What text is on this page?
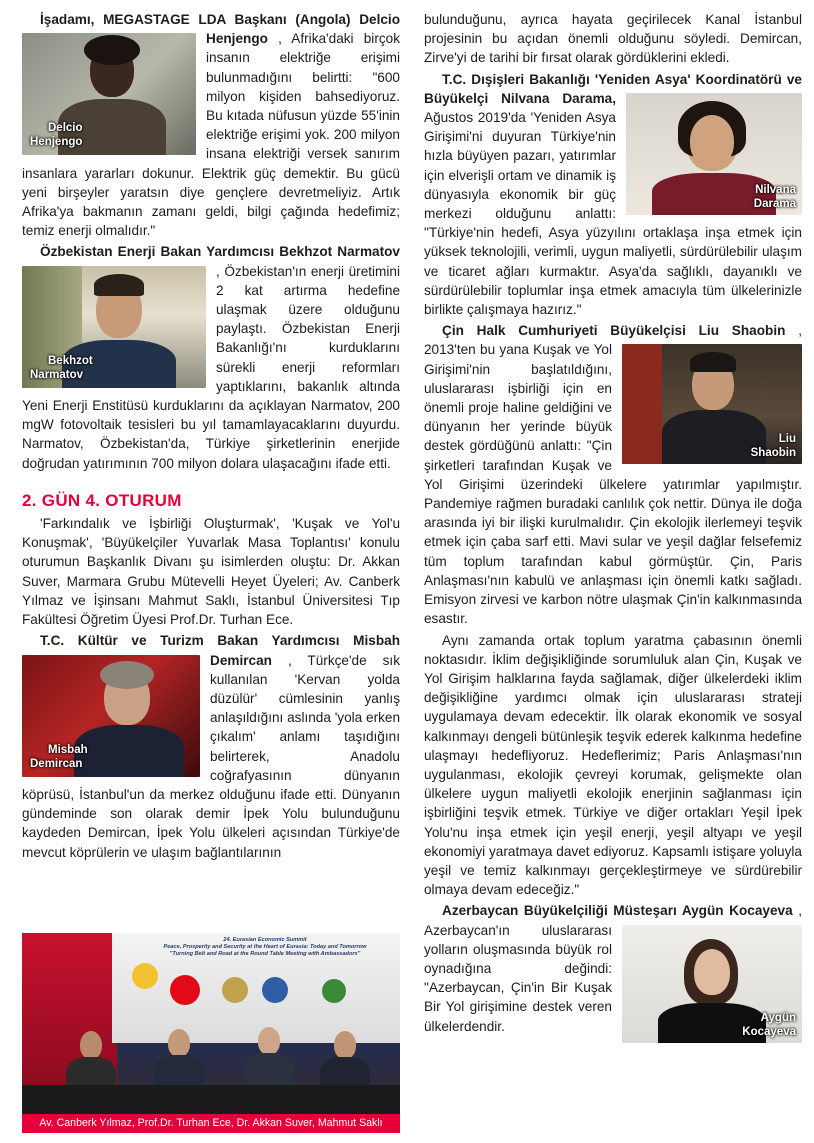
İşadamı, MEGASTAGE LDA Başkanı (Angola) Delcio Henjengo
Delcio
Henjengo
, Afrika'daki birçok insanın elektriğe erişimi bulunmadığını belirtti: "600 milyon kişiden bahsediyoruz. Bu kıtada nüfusun yüzde 55'inin elektriğe erişimi yok. 200 milyon insana elektriği versek sanırım insanlara yararları dokunur. Elektrik güç demektir. Bu gücü yeni birşeyler yaratsın diye gençlere devretmeliyiz. Artık Afrika'ya bakmanın zamanı geldi, bilgi çağında hedefimiz; temiz enerji olmalıdır."

Özbekistan Enerji Bakan Yardımcısı Bekhzot Narmatov
Bekhzot
Narmatov
, Özbekistan'ın enerji üretimini 2 kat artırma hedefine ulaşmak üzere olduğunu paylaştı. Özbekistan Enerji Bakanlığı'nı kurduklarını sürekli enerji reformları yaptıklarını, bakanlık altında Yeni Enerji Enstitüsü kurduklarını da açıklayan Narmatov, 200 mgW fotovoltaik tesisleri bu yıl tamamlayacaklarını duyurdu. Narmatov, Özbekistan'da, Türkiye şirketlerinin enerjide doğrudan yatırımının 700 milyon dolara ulaşacağını ifade etti.

2. GÜN 4. OTURUM

'Farkındalık ve İşbirliği Oluşturmak', 'Kuşak ve Yol'u Konuşmak', 'Büyükelçiler Yuvarlak Masa Toplantısı' konulu oturumun Başkanlık Divanı şu isimlerden oluştu: Dr. Akkan Suver, Marmara Grubu Mütevelli Heyet Üyeleri; Av. Canberk Yılmaz ve İşinsanı Mahmut Saklı, İstanbul Üniversitesi Tıp Fakültesi Öğretim Üyesi Prof.Dr. Turhan Ece.

T.C. Kültür ve Turizm Bakan Yardımcısı Misbah Demircan
Misbah
Demircan
, Türkçe'de sık kullanılan 'Kervan yolda düzülür' cümlesinin yanlış anlaşıldığını aslında 'yola erken çıkalım' anlamı taşıdığını belirterek, Anadolu coğrafyasının dünyanın köprüsü, İstanbul'un da merkez olduğunu ifade etti. Dünyanın gündeminde son olarak demir İpek Yolu bulunduğunu kaydeden Demircan, İpek Yolu ülkeleri açısından Türkiye'de mevcut köprülerin ve ulaşım bağlantılarının

24. Eurasian Economic Summit
Peace, Prosperity and Security at the Heart of Eurasia: Today and Tomorrow
"Turning Belt and Road at the Round Table Meeting with Ambassadors"
Av. Canberk Yılmaz, Prof.Dr. Turhan Ece, Dr. Akkan Suver, Mahmut Saklı

bulunduğunu, ayrıca hayata geçirilecek Kanal İstanbul projesinin bu açıdan önemli olduğunu söyledi. Demircan, Zirve'yi de tarihi bir fırsat olarak gördüklerini ekledi.

T.C. Dışişleri Bakanlığı 'Yeniden Asya' Koordinatörü ve Büyükelçi Nilvana Darama,
Nilvana
Darama
Ağustos 2019'da 'Yeniden Asya Girişimi'ni duyuran Türkiye'nin hızla büyüyen pazarı, yatırımlar için elverişli ortam ve dinamik iş dünyasıyla ekonomik bir güç merkezi olduğunu anlattı: "Türkiye'nin hedefi, Asya yüzyılını ortaklaşa inşa etmek için yüksek teknolojili, verimli, uygun maliyetli, sürdürülebilir ulaşım ve ticaret ağları kurmaktır. Asya'da sağlıklı, dayanıklı ve sürdürülebilir toplumlar inşa etmek amacıyla tüm ülkelerinizle birlikte çalışmaya hazırız."

Çin Halk Cumhuriyeti Büyükelçisi Liu Shaobin
Liu
Shaobin
, 2013'ten bu yana Kuşak ve Yol Girişimi'nin başlatıldığını, uluslararası işbirliği için en önemli proje haline geldiğini ve dünyanın her yerinde büyük destek gördüğünü anlattı: "Çin şirketleri tarafından Kuşak ve Yol Girişimi üzerindeki ülkelere yatırımlar yapılmıştır. Pandemiye rağmen buradaki canlılık çok nettir. Dünya ile doğa arasında iyi bir ilişki kurulmalıdır. Çin ekolojik ilerlemeyi teşvik etmek için çaba sarf etti. Mavi sular ve yeşil dağlar felsefemiz tüm toplum tarafından kabul görmüştür. Çin, Paris Anlaşması'nın kabulü ve anlaşması için önemli katkı sağladı. Emisyon zirvesi ve karbon nötre ulaşmak Çin'in kalkınmasında esastır.

Aynı zamanda ortak toplum yaratma çabasının önemli noktasıdır. İklim değişikliğinde sorumluluk alan Çin, Kuşak ve Yol Girişim halklarına fayda sağlamak, diğer ülkelerdeki iklim değişikliğine yardımcı olmak için uluslararası strateji uygulamaya devam edecektir. İlk olarak ekonomik ve sosyal kalkınmayı dengeli bütünleşik teşvik ederek kalkınma hedefine ulaşmayı hedefliyoruz. Hedeflerimiz; Paris Anlaşması'nın uygulanması, ekolojik çevreyi korumak, gelişmekte olan ülkelere uygun maliyetli ekolojik enerjinin sağlanması için işbirliğini teşvik etmek. Türkiye ve diğer ortakları Yeşil İpek Yolu'nu inşa etmek için yeşil enerji, yeşil altyapı ve yeşil ekonomiyi yaratmaya davet ediyoruz. Kapsamlı istişare yoluyla yeşil ve temiz kalkınmayı gerçekleştirmeye ve sürdürebilir olmaya devam edeceğiz."

Azerbaycan Büyükelçiliği Müsteşarı Aygün Kocayeva
Aygün
Kocayeva
, Azerbaycan'ın uluslararası yolların oluşmasında büyük rol oynadığına değindi: "Azerbaycan, Çin'in Bir Kuşak Bir Yol girişimine destek veren ülkelerdendir.
